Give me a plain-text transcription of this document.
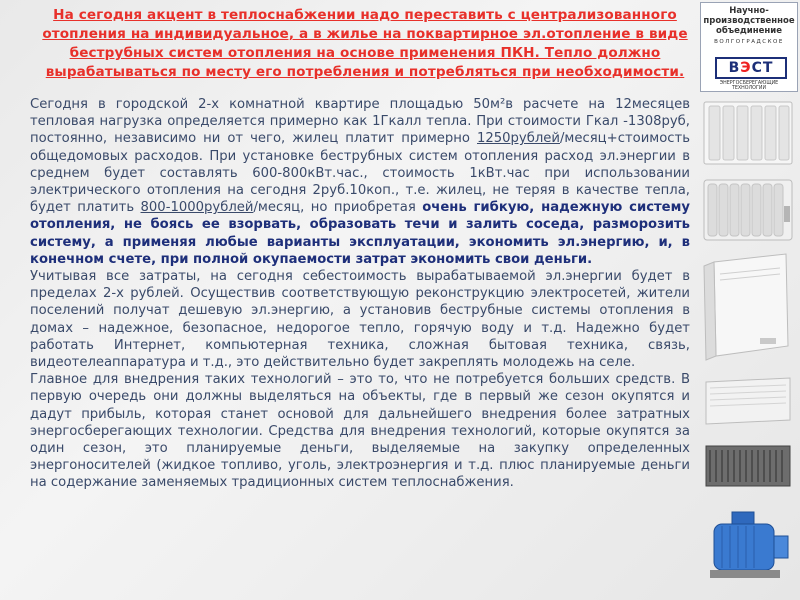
На сегодня акцент в теплоснабжении надо переставить с централизованного отопления на индивидуальное, а в жилье на поквартирное эл.отопление в виде беструбных систем отопления на основе применения ПКН. Тепло должно вырабатываться по месту его потребления и потребляться при необходимости.
Научно-производственное объединение
ВОЛГОГРАДСКОЕ
В Э СТ
ЭНЕРГОСБЕРЕГАЮЩИЕ ТЕХНОЛОГИИ

Сегодня в городской 2-х комнатной квартире площадью 50м²в расчете на 12месяцев тепловая нагрузка определяется примерно как 1Гкалл тепла. При стоимости Гкал -1308руб, постоянно, независимо ни от чего, жилец платит примерно 1250рублей/месяц+стоимость общедомовых расходов. При установке беструбных систем отопления расход эл.энергии в среднем будет составлять 600-800кВт.час., стоимость 1кВт.час при использовании электрического отопления на сегодня 2руб.10коп., т.е. жилец, не теряя в качестве тепла, будет платить 800-1000рублей/месяц, но приобретая очень гибкую, надежную систему отопления, не боясь ее взорвать, образовать течи и залить соседа, разморозить систему, а применяя любые варианты эксплуатации, экономить эл.энергию, и, в конечном счете, при полной окупаемости затрат экономить свои деньги.

Учитывая все затраты, на сегодня себестоимость вырабатываемой эл.энергии будет в пределах 2-х рублей. Осуществив соответствующую реконструкцию электросетей, жители поселений получат дешевую эл.энергию, а установив беструбные системы отопления в домах – надежное, безопасное, недорогое тепло, горячую воду и т.д. Надежно будет работать Интернет, компьютерная техника, сложная бытовая техника, связь, видеотелеаппаратура и т.д., это действительно будет закреплять молодежь на селе.

Главное для внедрения таких технологий – это то, что не потребуется больших средств. В первую очередь они должны выделяться на объекты, где в первый же сезон окупятся и дадут прибыль, которая станет основой для дальнейшего внедрения более затратных энергосберегающих технологии. Средства для внедрения технологий, которые окупятся за один сезон, это планируемые деньги, выделяемые на закупку определенных энергоносителей (жидкое топливо, уголь, электроэнергия и т.д. плюс планируемые деньги на содержание заменяемых традиционных систем теплоснабжения.
